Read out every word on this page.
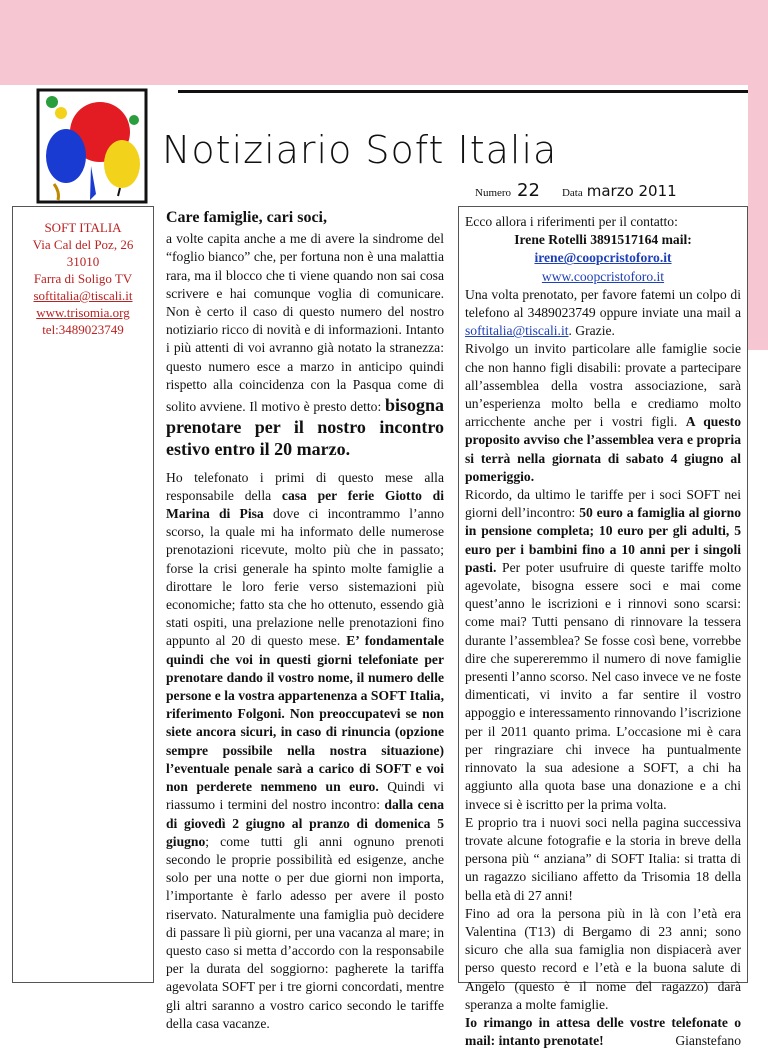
Notiziario Soft Italia
Numero 22 Data marzo 2011
SOFT ITALIA
Via Cal del Poz, 26
31010
Farra di Soligo TV
softitalia@tiscali.it
www.trisomia.org
tel:3489023749
Care famiglie, cari soci,

a volte capita anche a me di avere la sindrome del “foglio bianco” che, per fortuna non è una malattia rara, ma il blocco che ti viene quando non sai cosa scrivere e hai comunque voglia di comunicare. Non è certo il caso di questo numero del nostro notiziario ricco di novità e di informazioni. Intanto i più attenti di voi avranno già notato la stranezza: questo numero esce a marzo in anticipo quindi rispetto alla coincidenza con la Pasqua come di solito avviene. Il motivo è presto detto: bisogna prenotare per il nostro incontro estivo entro il 20 marzo.

Ho telefonato i primi di questo mese alla responsabile della casa per ferie Giotto di Marina di Pisa dove ci incontrammo l’anno scorso, la quale mi ha informato delle numerose prenotazioni ricevute, molto più che in passato; forse la crisi generale ha spinto molte famiglie a dirottare le loro ferie verso sistemazioni più economiche; fatto sta che ho ottenuto, essendo già stati ospiti, una prelazione nelle prenotazioni fino appunto al 20 di questo mese. E’ fondamentale quindi che voi in questi giorni telefoniate per prenotare dando il vostro nome, il numero delle persone e la vostra appartenenza a SOFT Italia, riferimento Folgoni. Non preoccupatevi se non siete ancora sicuri, in caso di rinuncia (opzione sempre possibile nella nostra situazione) l’eventuale penale sarà a carico di SOFT e voi non perderete nemmeno un euro. Quindi vi riassumo i termini del nostro incontro: dalla cena di giovedì 2 giugno al pranzo di domenica 5 giugno; come tutti gli anni ognuno prenoti secondo le proprie possibilità ed esigenze, anche solo per una notte o per due giorni non importa, l’importante è farlo adesso per avere il posto riservato. Naturalmente una famiglia può decidere di passare lì più giorni, per una vacanza al mare; in questo caso si metta d’accordo con la responsabile per la durata del soggiorno: pagherete la tariffa agevolata SOFT per i tre giorni concordati, mentre gli altri saranno a vostro carico secondo le tariffe della casa vacanze.

Ecco allora i riferimenti per il contatto:

Irene Rotelli 3891517164 mail:

irene@coopcristoforo.it

www.coopcristoforo.it

Una volta prenotato, per favore fatemi un colpo di telefono al 3489023749 oppure inviate una mail a softitalia@tiscali.it. Grazie.

Rivolgo un invito particolare alle famiglie socie che non hanno figli disabili: provate a partecipare all’assemblea della vostra associazione, sarà un’esperienza molto bella e crediamo molto arricchente anche per i vostri figli. A questo proposito avviso che l’assemblea vera e propria si terrà nella giornata di sabato 4 giugno al pomeriggio.

Ricordo, da ultimo le tariffe per i soci SOFT nei giorni dell’incontro: 50 euro a famiglia al giorno in pensione completa; 10 euro per gli adulti, 5 euro per i bambini fino a 10 anni per i singoli pasti. Per poter usufruire di queste tariffe molto agevolate, bisogna essere soci e mai come quest’anno le iscrizioni e i rinnovi sono scarsi: come mai? Tutti pensano di rinnovare la tessera durante l’assemblea? Se fosse così bene, vorrebbe dire che supereremmo il numero di nove famiglie presenti l’anno scorso. Nel caso invece ve ne foste dimenticati, vi invito a far sentire il vostro appoggio e interessamento rinnovando l’iscrizione per il 2011 quanto prima. L’occasione mi è cara per ringraziare chi invece ha puntualmente rinnovato la sua adesione a SOFT, a chi ha aggiunto alla quota base una donazione e a chi invece si è iscritto per la prima volta.

E proprio tra i nuovi soci nella pagina successiva trovate alcune fotografie e la storia in breve della persona più “ anziana” di SOFT Italia: si tratta di un ragazzo siciliano affetto da Trisomia 18 della bella età di 27 anni!

Fino ad ora la persona più in là con l’età era Valentina (T13) di Bergamo di 23 anni; sono sicuro che alla sua famiglia non dispiacerà aver perso questo record e l’età e la buona salute di Angelo (questo è il nome del ragazzo) darà speranza a molte famiglie.

Io rimango in attesa delle vostre telefonate o mail: intanto prenotate!	Gianstefano
